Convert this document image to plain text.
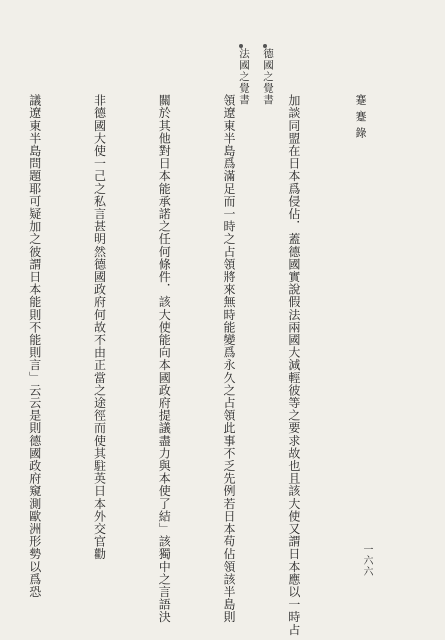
蹇 蹇 錄
一六六
德國之覺書
法國之覺書

加談同盟在日本爲侵佔．蓋德國實說假法兩國大減輕彼等之要求故也且該大使又謂日本應以一時占

領遼東半島爲滿足而一時之占領將來無時能變爲永久之占領此事不乏先例若日本苟佔領該半島則

關於其他對日本能承諾之任何條件．該大使能向本國政府提議盡力與本使了結」該獨中之言語決

非德國大使一己之私言甚明然德國政府何故不由正當之途徑而使其駐英日本外交官勸

議遼東半島問題耶可疑加之彼謂日本能則不能則言」云云是則德國政府窺測歐洲形勢以爲恐
